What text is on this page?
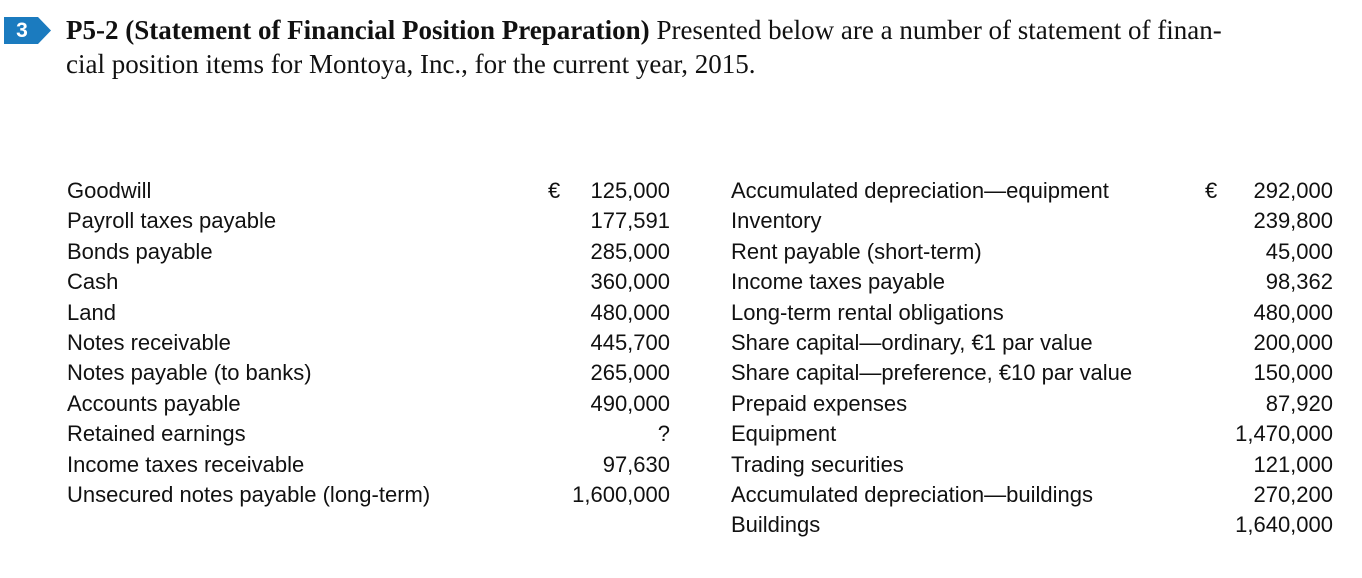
3	P5-2 (Statement of Financial Position Preparation) Presented below are a number of statement of finan-
cial position items for Montoya, Inc., for the current year, 2015.
Goodwill
Payroll taxes payable
Bonds payable
Cash
Land
Notes receivable
Notes payable (to banks)
Accounts payable
Retained earnings
Income taxes receivable
Unsecured notes payable (long-term)
€ 125,000
177,591
285,000
360,000
480,000
445,700
265,000
490,000
?
97,630
1,600,000
Accumulated depreciation—equipment
Inventory
Rent payable (short-term)
Income taxes payable
Long-term rental obligations
Share capital—ordinary, €1 par value
Share capital—preference, €10 par value
Prepaid expenses
Equipment
Trading securities
Accumulated depreciation—buildings
Buildings
€ 292,000
239,800
45,000
98,362
480,000
200,000
150,000
87,920
1,470,000
121,000
270,200
1,640,000
